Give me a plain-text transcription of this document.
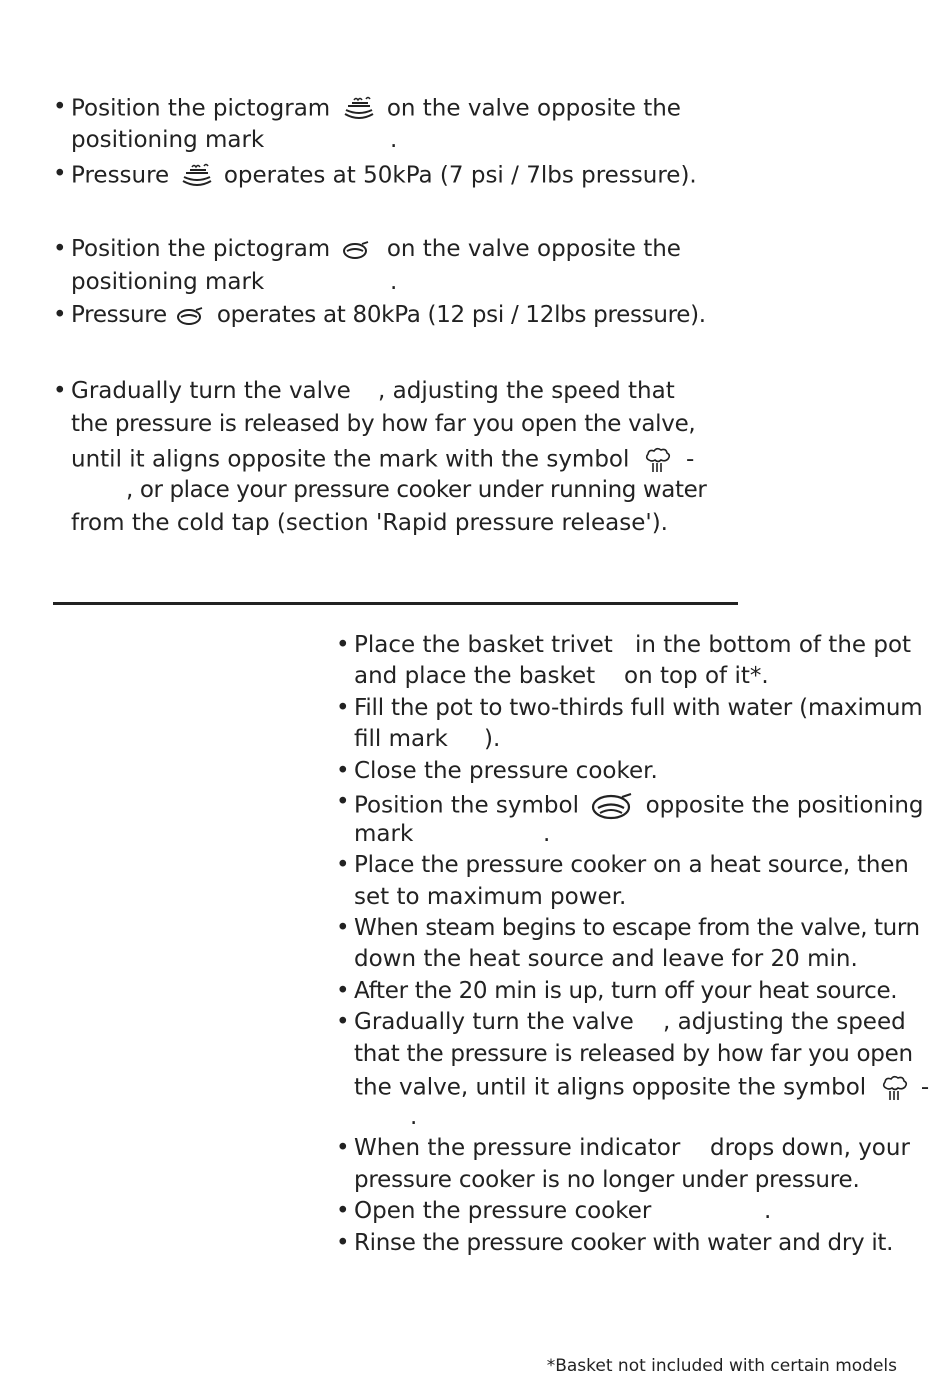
• Position the pictogram on the valve opposite the
positioning mark	.
• Pressure operates at 50kPa (7 psi / 7lbs pressure).
• Position the pictogram on the valve opposite the
positioning mark	.
• Pressure operates at 80kPa (12 psi / 12lbs pressure).
• Gradually turn the valve , adjusting the speed that
the pressure is released by how far you open the valve,
until it aligns opposite the mark with the symbol -
, or place your pressure cooker under running water
from the cold tap (section 'Rapid pressure release').
• Place the basket trivet in the bottom of the pot
and place the basket on top of it*.
• Fill the pot to two-thirds full with water (maximum
fill mark ).
• Close the pressure cooker.
• Position the symbol	opposite the positioning
mark	.
• Place the pressure cooker on a heat source, then
set to maximum power.
• When steam begins to escape from the valve, turn
down the heat source and leave for 20 min.
• After the 20 min is up, turn off your heat source.
• Gradually turn the valve , adjusting the speed
that the pressure is released by how far you open
the valve, until it aligns opposite the symbol -
.
• When the pressure indicator drops down, your
pressure cooker is no longer under pressure.
• Open the pressure cooker	.
• Rinse the pressure cooker with water and dry it.
*Basket not included with certain models
